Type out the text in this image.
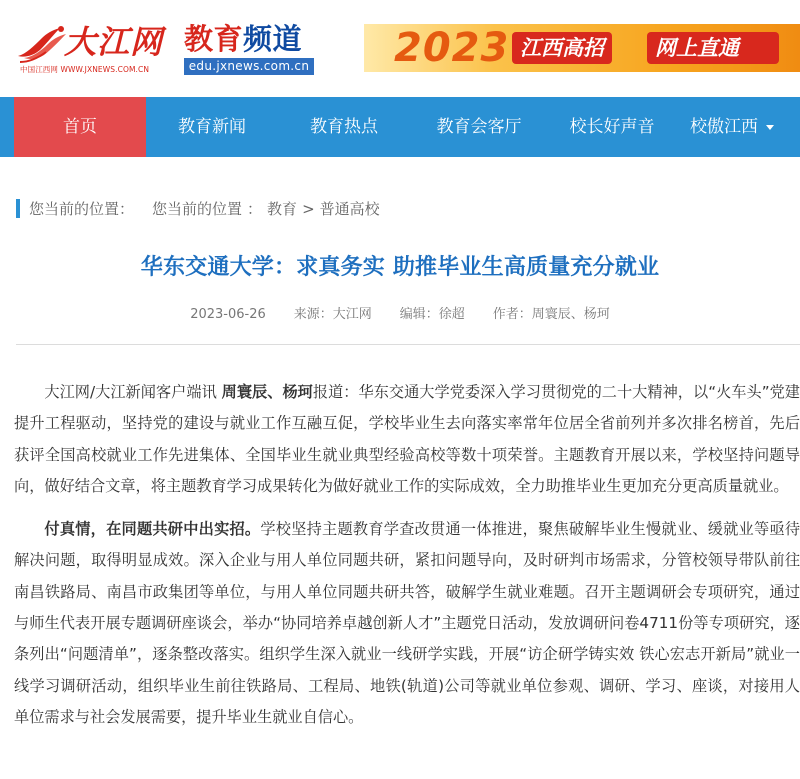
大江网
中国江西网 WWW.JXNEWS.COM.CN
教育频道
edu.jxnews.com.cn 2023 江西高招	网上直通
首页	教育新闻	教育热点	教育会客厅	校长好声音	校傲江西
您当前的位置： 您当前的位置 ： 教育 > 普通高校
华东交通大学：求真务实 助推毕业生高质量充分就业
2023-06-26 来源：大江网 编辑：徐超 作者：周寰辰、杨珂

大江网/大江新闻客户端讯 周寰辰、杨珂报道：华东交通大学党委深入学习贯彻党的二十大精神，以“火车头”党建提升工程驱动，坚持党的建设与就业工作互融互促，学校毕业生去向落实率常年位居全省前列并多次排名榜首，先后获评全国高校就业工作先进集体、全国毕业生就业典型经验高校等数十项荣誉。主题教育开展以来，学校坚持问题导向，做好结合文章，将主题教育学习成果转化为做好就业工作的实际成效，全力助推毕业生更加充分更高质量就业。

付真情，在同题共研中出实招。学校坚持主题教育学查改贯通一体推进，聚焦破解毕业生慢就业、缓就业等亟待解决问题，取得明显成效。深入企业与用人单位同题共研，紧扣问题导向，及时研判市场需求，分管校领导带队前往南昌铁路局、南昌市政集团等单位，与用人单位同题共研共答，破解学生就业难题。召开主题调研会专项研究，通过与师生代表开展专题调研座谈会，举办“协同培养卓越创新人才”主题党日活动，发放调研问卷4711份等专项研究，逐条列出“问题清单”，逐条整改落实。组织学生深入就业一线研学实践，开展“访企研学铸实效 铁心宏志开新局”就业一线学习调研活动，组织毕业生前往铁路局、工程局、地铁(轨道)公司等就业单位参观、调研、学习、座谈，对接用人单位需求与社会发展需要，提升毕业生就业自信心。
